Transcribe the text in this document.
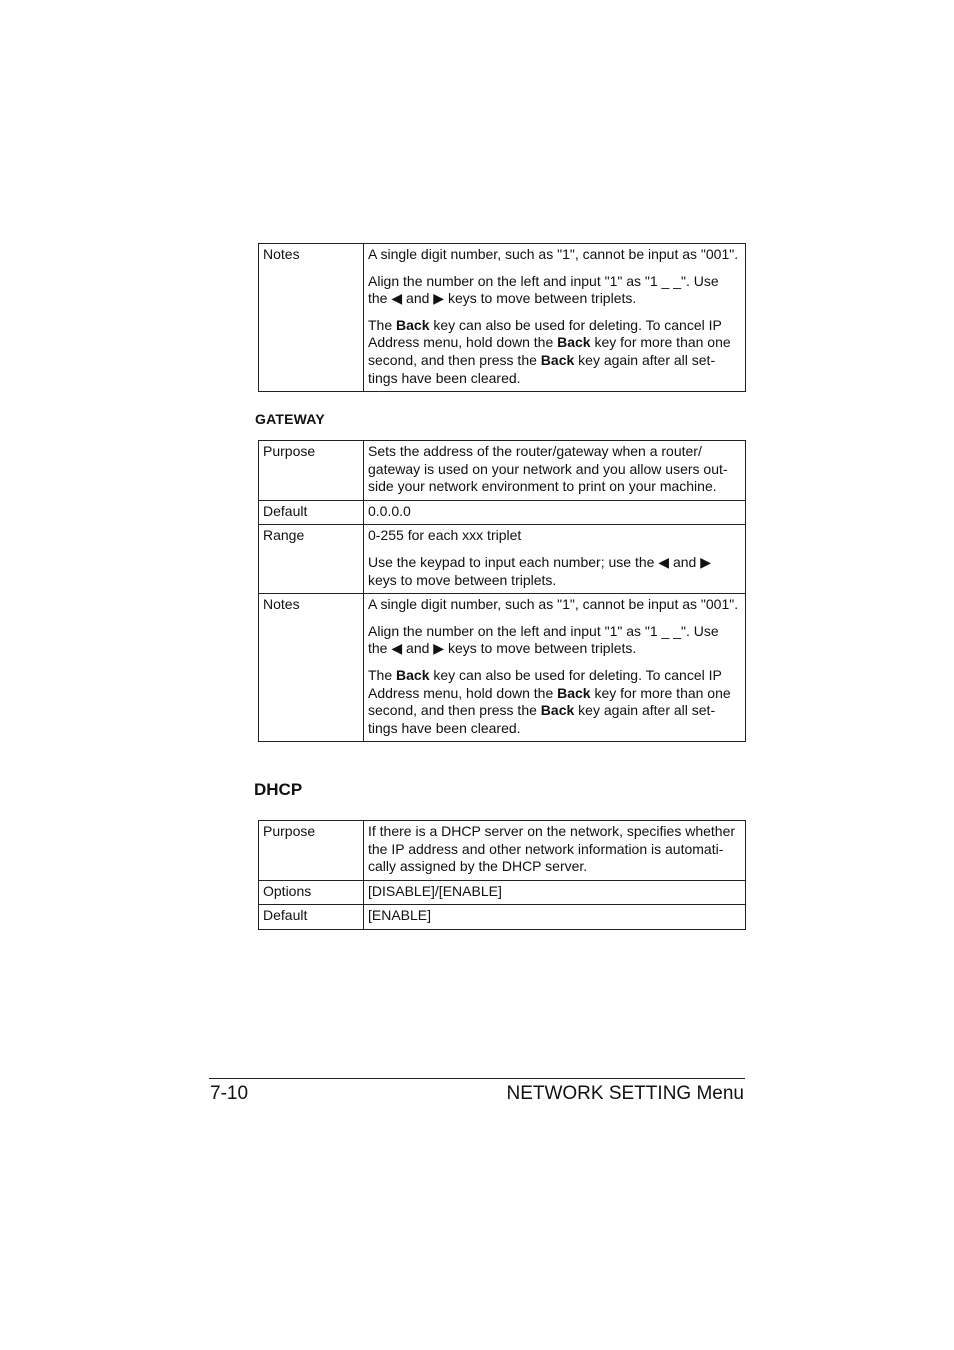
Notes	A single digit number, such as "1", cannot be input as "001".

Align the number on the left and input "1" as "1 _ _". Use the ◀ and ▶ keys to move between triplets.

The Back key can also be used for deleting. To cancel IP Address menu, hold down the Back key for more than one second, and then press the Back key again after all set-tings have been cleared.

GATEWAY
Purpose	Sets the address of the router/gateway when a router/ gateway is used on your network and you allow users out-side your network environment to print on your machine.
Default	0.0.0.0
Range	0-255 for each xxx triplet

Use the keypad to input each number; use the ◀ and ▶ keys to move between triplets.

Notes	A single digit number, such as "1", cannot be input as "001".

Align the number on the left and input "1" as "1 _ _". Use the ◀ and ▶ keys to move between triplets.

The Back key can also be used for deleting. To cancel IP Address menu, hold down the Back key for more than one second, and then press the Back key again after all set-tings have been cleared.

DHCP
Purpose	If there is a DHCP server on the network, specifies whether the IP address and other network information is automati-cally assigned by the DHCP server.
Options	[DISABLE]/[ENABLE]
Default	[ENABLE]
7-10	NETWORK SETTING Menu
